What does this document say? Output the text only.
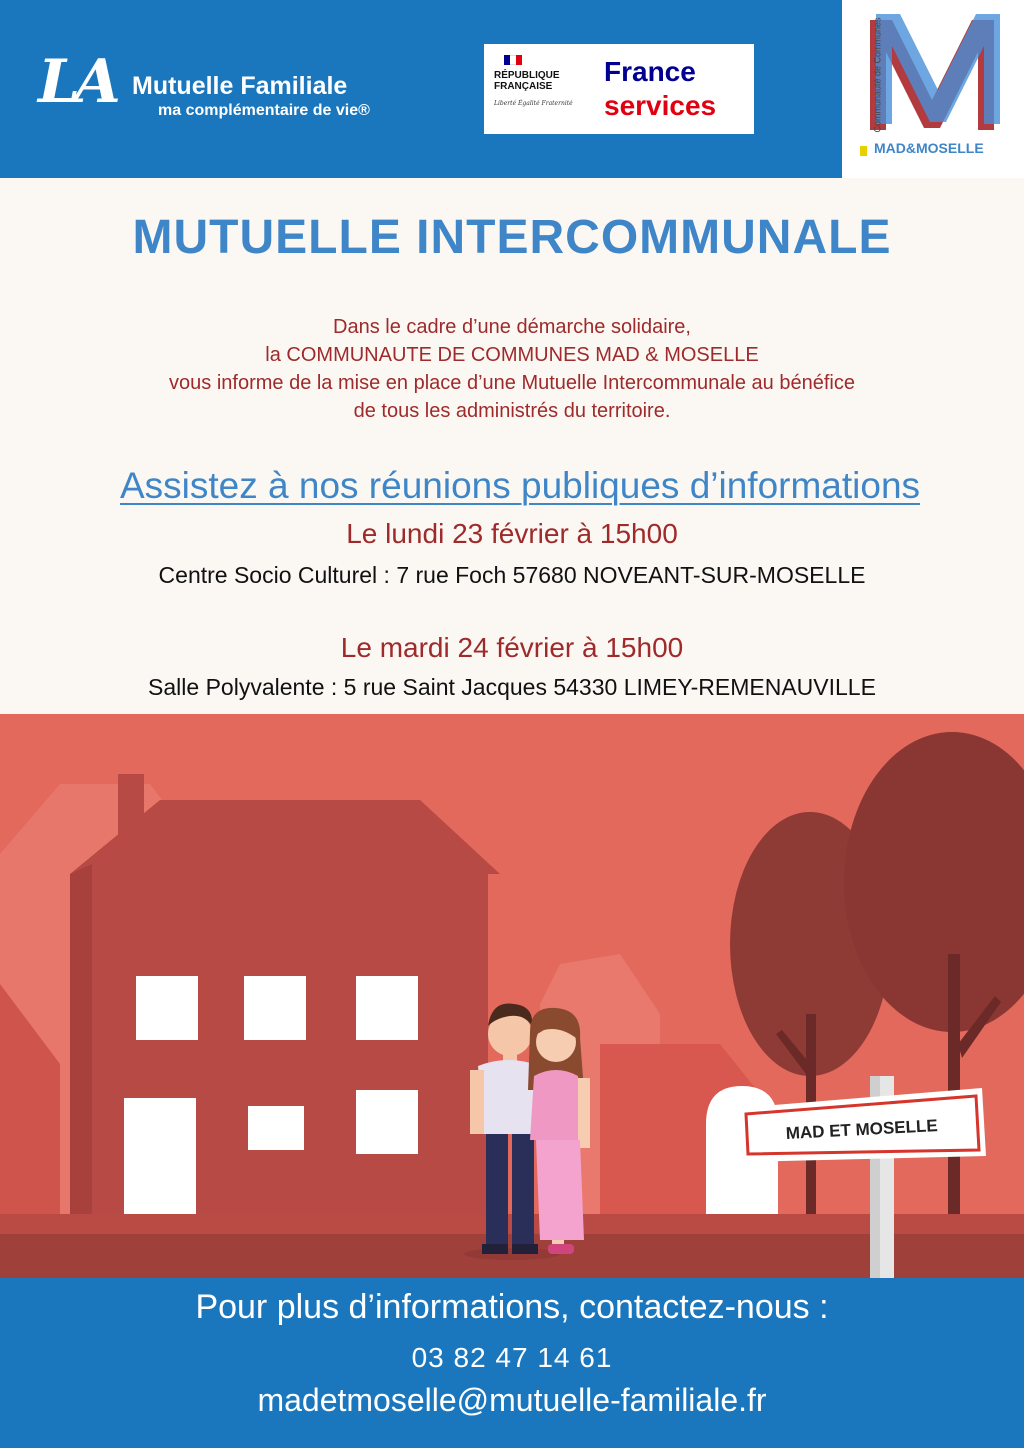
LA Mutuelle Familiale
ma complémentaire de vie®
RÉPUBLIQUE FRANÇAISE
Liberté Égalité Fraternité
France
services	Communauté de Communes
MAD&MOSELLE
MUTUELLE INTERCOMMUNALE
Dans le cadre d’une démarche solidaire,
la COMMUNAUTE DE COMMUNES MAD & MOSELLE
vous informe de la mise en place d’une Mutuelle Intercommunale au bénéfice
de tous les administrés du territoire.
Assistez à nos réunions publiques d’informations
Le lundi 23 février à 15h00
Centre Socio Culturel : 7 rue Foch 57680 NOVEANT-SUR-MOSELLE
Le mardi 24 février à 15h00
Salle Polyvalente : 5 rue Saint Jacques 54330 LIMEY-REMENAUVILLE
MAD ET MOSELLE
Pour plus d’informations, contactez-nous :
03 82 47 14 61
madetmoselle@mutuelle-familiale.fr
